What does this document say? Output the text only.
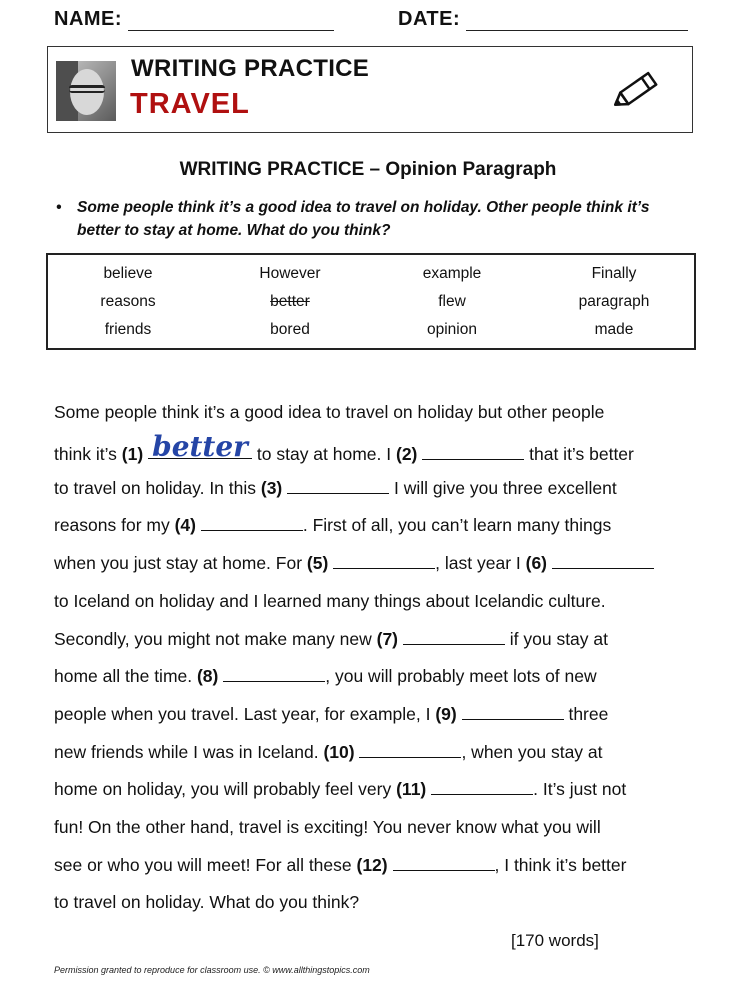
NAME:	DATE:
WRITING PRACTICE
TRAVEL
WRITING PRACTICE – Opinion Paragraph
• Some people think it’s a good idea to travel on holiday. Other people think it’s better to stay at home. What do you think?
believe	However	example	Finally
reasons	better	flew	paragraph
friends	bored	opinion	made
Some people think it’s a good idea to travel on holiday but other people
think it’s (1) better to stay at home. I (2)	that it’s better
to travel on holiday. In this (3)	I will give you three excellent
reasons for my (4)	. First of all, you can’t learn many things
when you just stay at home. For (5)	, last year I (6)
to Iceland on holiday and I learned many things about Icelandic culture.
Secondly, you might not make many new (7)	if you stay at
home all the time. (8)	, you will probably meet lots of new
people when you travel. Last year, for example, I (9)	three
new friends while I was in Iceland. (10)	, when you stay at
home on holiday, you will probably feel very (11)	. It’s just not
fun! On the other hand, travel is exciting! You never know what you will
see or who you will meet! For all these (12)	, I think it’s better
to travel on holiday. What do you think?
[170 words]
Permission granted to reproduce for classroom use. © www.allthingstopics.com
